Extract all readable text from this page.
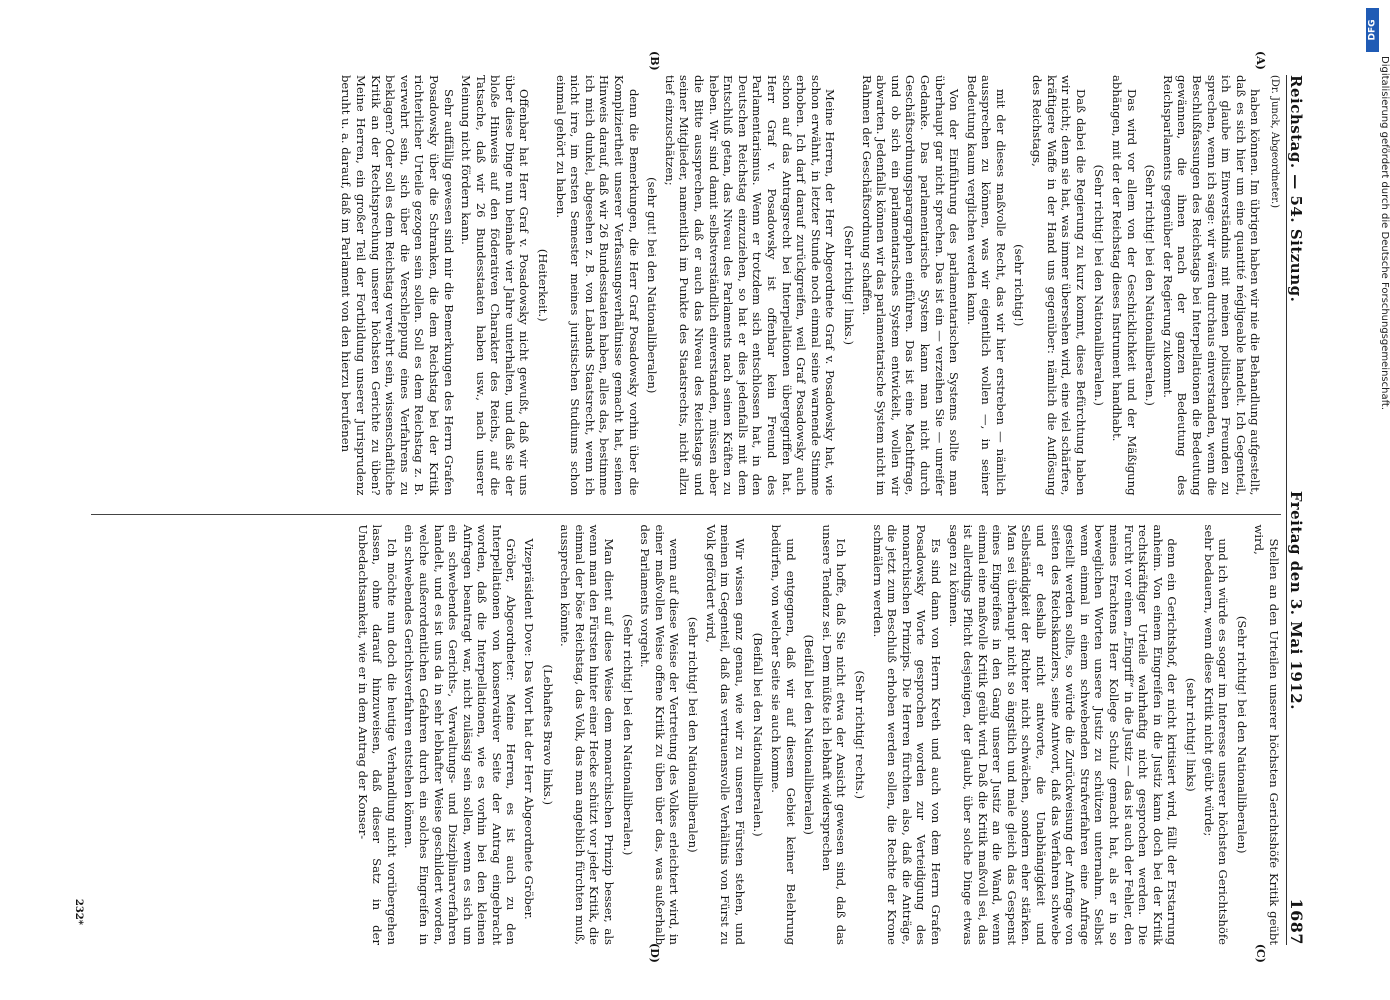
Reichstag. — 54. Sitzung.
Freitag den 3. Mai 1912.
1687
(A)
(B)
(C)
(D)

(Dr. Junck, Abgeordneter.)

haben können. Im übrigen haben wir nie die Behandlung aufgestellt, daß es sich hier um eine quantité négligeable handelt. Ich Gegenteil, ich glaube im Einverständnis mit meinen politischen Freunden zu sprechen, wenn ich sage: wir wären durchaus einverstanden, wenn die Beschlußfassungen des Reichstags bei Interpellationen die Bedeutung gewännen, die ihnen nach der ganzen Bedeutung des Reichsparlaments gegenüber der Regierung zukommt.

(Sehr richtig! bei den Nationalliberalen.)

Das wird vor allem von der Geschicklichkeit und der Mäßigung abhängen, mit der der Reichstag dieses Instrument handhabt.

(Sehr richtig! bei den Nationalliberalen.)

Daß dabei die Regierung zu kurz kommt, diese Befürchtung haben wir nicht; denn sie hat, was immer übersehen wird, eine viel schärfere, kräftigere Waffe in der Hand uns gegenüber: nämlich die Auflösung des Reichstags,

(sehr richtig!)

mit der dieses maßvolle Recht, das wir hier erstreben — nämlich aussprechen zu können, was wir eigentlich wollen —, in seiner Bedeutung kaum verglichen werden kann.

Von der Einführung des parlamentarischen Systems sollte man überhaupt gar nicht sprechen. Das ist ein — verzeihen Sie — unreifer Gedanke. Das parlamentarische System kann man nicht durch Geschäftsordnungsparagraphen einführen. Das ist eine Machtfrage, und ob sich ein parlamentarisches System entwickelt, wollen wir abwarten. Jedenfalls können wir das parlamentarische System nicht im Rahmen der Geschäftsordnung schaffen.

(Sehr richtig! links.)

Meine Herren, der Herr Abgeordnete Graf v. Posadowsky hat, wie schon erwähnt, in letzter Stunde noch einmal seine warnende Stimme erhoben. Ich darf darauf zurückgreifen, weil Graf Posadowsky auch schon auf das Antragsrecht bei Interpellationen übergegriffen hat. Herr Graf v. Posadowsky ist offenbar kein Freund des Parlamentarismus. Wenn er trotzdem sich entschlossen hat, in den Deutschen Reichstag einzuziehen, so hat er dies jedenfalls mit dem Entschluß getan, das Niveau des Parlaments nach seinen Kräften zu heben. Wir sind damit selbstverständlich einverstanden, müssen aber die Bitte aussprechen, daß er auch das Niveau des Reichstags und seiner Mitglieder, namentlich im Punkte des Staatsrechts, nicht allzu tief einzuschätzen;

(sehr gut! bei den Nationalliberalen)

denn die Bemerkungen, die Herr Graf Posadowsky vorhin über die Kompliziertheit unserer Verfassungsverhältnisse gemacht hat, seinen Hinweis darauf, daß wir 26 Bundesstaaten haben, alles das, bestimme ich mich dunkel, abgesehen z. B. von Labands Staatsrecht, wenn ich nicht irre, im ersten Semester meines juristischen Studiums schon einmal gehört zu haben.

(Heiterkeit.)

Offenbar hat Herr Graf v. Posadowsky nicht gewußt, daß wir uns über diese Dinge nun beinahe vier Jahre unterhalten, und daß sie der bloße Hinweis auf den föderativen Charakter des Reichs, auf die Tatsache, daß wir 26 Bundesstaaten haben usw., nach unserer Meinung nicht fördern kann.

Sehr auffällig gewesen sind mir die Bemerkungen des Herrn Grafen Posadowsky über die Schranken, die dem Reichstag bei der Kritik richterlicher Urteile gezogen sein sollen. Soll es dem Reichstag z. B. verwehrt sein, sich über die Verschleppung eines Verfahrens zu beklagen? Oder soll es dem Reichstag verwehrt sein, wissenschaftliche Kritik an der Rechtsprechung unserer höchsten Gerichte zu üben? Meine Herren, ein großer Teil der Fortbildung unserer Jurisprudenz beruht u. a. darauf, daß im Parlament von den hierzu berufenen

Stellen an den Urteilen unserer höchsten Gerichtshöfe Kritik geübt wird,

(Sehr richtig! bei den Nationalliberalen)

und ich würde es sogar im Interesse unserer höchsten Gerichtshöfe sehr bedauern, wenn diese Kritik nicht geübt würde;

(sehr richtig! links)

denn ein Gerichtshof, der nicht kritisiert wird, fällt der Erstarrung anheim. Von einem Eingreifen in die Justiz kann doch bei der Kritik rechtskräftiger Urteile wahrhaftig nicht gesprochen werden. Die Furcht vor einem „Eingriff“ in die Justiz — das ist auch der Fehler, den meines Erachtens Herr Kollege Schulz gemacht hat, als er in so beweglichen Worten unsere Justiz zu schützen unternahm. Selbst wenn einmal in einem schwebenden Strafverfahren eine Anfrage gestellt werden sollte, so würde die Zurückweisung der Anfrage von seiten des Reichskanzlers, seine Antwort, daß das Verfahren schwebe und er deshalb nicht antworte, die Unabhängigkeit und Selbständigkeit der Richter nicht schwächen, sondern eher stärken. Man sei überhaupt nicht so ängstlich und male gleich das Gespenst eines Eingreifens in den Gang unserer Justiz an die Wand, wenn einmal eine maßvolle Kritik geübt wird. Daß die Kritik maßvoll sei, das ist allerdings Pflicht desjenigen, der glaubt, über solche Dinge etwas sagen zu können.

Es sind dann von Herrn Kreth und auch von dem Herrn Grafen Posadowsky Worte gesprochen worden zur Verteidigung des monarchischen Prinzips. Die Herren fürchten also, daß die Anträge, die jetzt zum Beschluß erhoben werden sollen, die Rechte der Krone schmälern werden.

(Sehr richtig! rechts.)

Ich hoffe, daß Sie nicht etwa der Ansicht gewesen sind, daß das unsere Tendenz sei. Dem müßte ich lebhaft widersprechen

(Beifall bei den Nationalliberalen)

und entgegnen, daß wir auf diesem Gebiet keiner Belehrung bedürfen, von welcher Seite sie auch komme.

(Beifall bei den Nationalliberalen.)

Wir wissen ganz genau, wie wir zu unseren Fürsten stehen, und meinen im Gegenteil, daß das vertrauensvolle Verhältnis von Fürst zu Volk gefördert wird,

(sehr richtig! bei den Nationalliberalen)

wenn auf diese Weise der Vertretung des Volkes erleichtert wird, in einer maßvollen Weise offene Kritik zu üben über das, was außerhalb des Parlaments vorgeht.

(Sehr richtig! bei den Nationalliberalen.)

Man dient auf diese Weise dem monarchischen Prinzip besser, als wenn man den Fürsten hinter einer Hecke schützt vor jeder Kritik, die einmal der böse Reichstag, das Volk, das man angeblich fürchten muß, aussprechen könnte.

(Lebhaftes Bravo links.)

Vizepräsident Dove: Das Wort hat der Herr Abgeordnete Gröber.

Gröber, Abgeordneter: Meine Herren, es ist auch zu den Interpellationen von konservativer Seite der Antrag eingebracht worden, daß die Interpellationen, wie es vorhin bei den kleinen Anfragen beantragt war, nicht zulässig sein sollen, wenn es sich um ein schwebendes Gerichts-, Verwaltungs- und Disziplinarverfahren handelt, und es ist uns da in sehr lebhafter Weise geschildert worden, welche außerordentlichen Gefahren durch ein solches Eingreifen in ein schwebendes Gerichtsverfahren entstehen können.

Ich möchte nun doch die heutige Verhandlung nicht vorübergehen lassen, ohne darauf hinzuweisen, daß dieser Satz in der Unbedachtsamkeit, wie er in dem Antrag der Konser-

232*
DFG
Digitalisierung gefördert durch die Deutsche Forschungsgemeinschaft.
